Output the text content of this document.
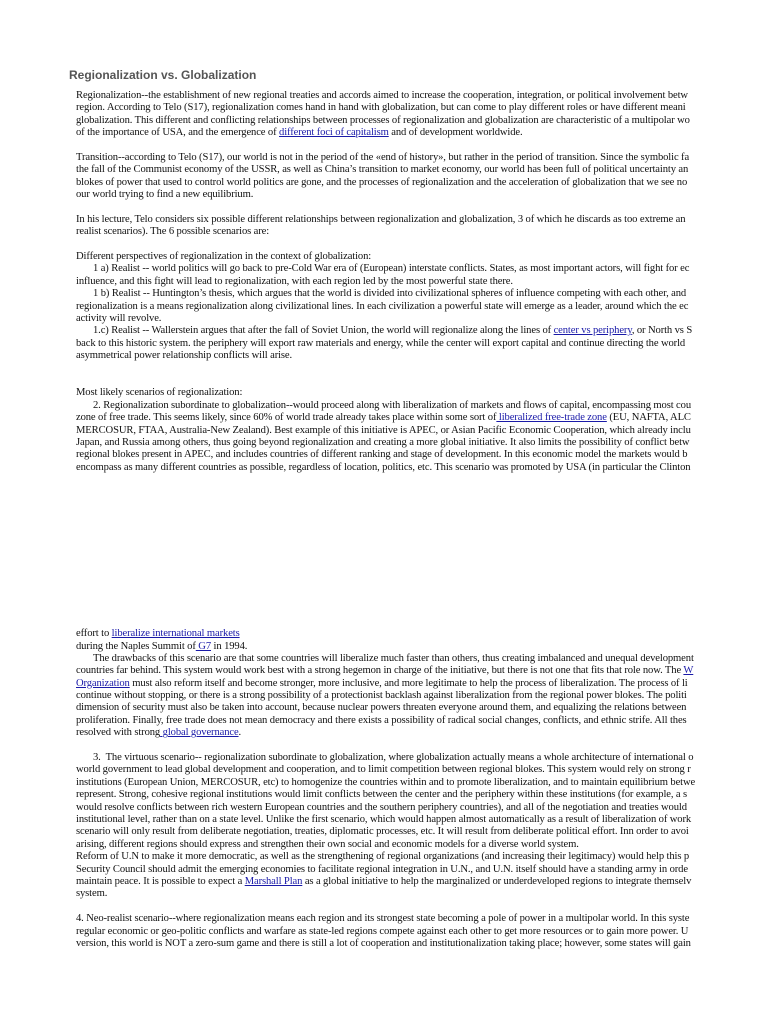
Regionalization vs. Globalization
Regionalization--the establishment of new regional treaties and accords aimed to increase the cooperation, integration, or political involvement betw
region. According to Telo (S17), regionalization comes hand in hand with globalization, but can come to play different roles or have different meani
globalization. This different and conflicting relationships between processes of regionalization and globalization are characteristic of a multipolar wo
of the importance of USA, and the emergence of different foci of capitalism and of development worldwide.
Transition--according to Telo (S17), our world is not in the period of the «end of history», but rather in the period of transition. Since the symbolic fa
the fall of the Communist economy of the USSR, as well as China’s transition to market economy, our world has been full of political uncertainty an
blokes of power that used to control world politics are gone, and the processes of regionalization and the acceleration of globalization that we see no
our world trying to find a new equilibrium.
In his lecture, Telo considers six possible different relationships between regionalization and globalization, 3 of which he discards as too extreme an
realist scenarios). The 6 possible scenarios are:
Different perspectives of regionalization in the context of globalization:
1 a) Realist -- world politics will go back to pre-Cold War era of (European) interstate conflicts. States, as most important actors, will fight for ec
influence, and this fight will lead to regionalization, with each region led by the most powerful state there.
1 b) Realist -- Huntington’s thesis, which argues that the world is divided into civilizational spheres of influence competing with each other, and
regionalization is a means regionalization along civilizational lines. In each civilization a powerful state will emerge as a leader, around which the ec
activity will revolve.
1.c) Realist -- Wallerstein argues that after the fall of Soviet Union, the world will regionalize along the lines of center vs periphery, or North vs S
back to this historic system. the periphery will export raw materials and energy, while the center will export capital and continue directing the world
asymmetrical power relationship conflicts will arise.
Most likely scenarios of regionalization:
2. Regionalization subordinate to globalization--would proceed along with liberalization of markets and flows of capital, encompassing most cou
zone of free trade. This seems likely, since 60% of world trade already takes place within some sort of liberalized free-trade zone (EU, NAFTA, ALC
MERCOSUR, FTAA, Australia-New Zealand). Best example of this initiative is APEC, or Asian Pacific Economic Cooperation, which already inclu
Japan, and Russia among others, thus going beyond regionalization and creating a more global initiative. It also limits the possibility of conflict betw
regional blokes present in APEC, and includes countries of different ranking and stage of development. In this economic model the markets would b
encompass as many different countries as possible, regardless of location, politics, etc. This scenario was promoted by USA (in particular the Clinton
effort to liberalize international markets
during the Naples Summit of G7 in 1994.
The drawbacks of this scenario are that some countries will liberalize much faster than others, thus creating imbalanced and unequal development
countries far behind. This system would work best with a strong hegemon in charge of the initiative, but there is not one that fits that role now. The W
Organization must also reform itself and become stronger, more inclusive, and more legitimate to help the process of liberalization. The process of li
continue without stopping, or there is a strong possibility of a protectionist backlash against liberalization from the regional power blokes. The politi
dimension of security must also be taken into account, because nuclear powers threaten everyone around them, and equalizing the relations between
proliferation. Finally, free trade does not mean democracy and there exists a possibility of radical social changes, conflicts, and ethnic strife. All thes
resolved with strong global governance.
3.  The virtuous scenario-- regionalization subordinate to globalization, where globalization actually means a whole architecture of international o
world government to lead global development and cooperation, and to limit competition between regional blokes. This system would rely on strong r
institutions (European Union, MERCOSUR, etc) to homogenize the countries within and to promote liberalization, and to maintain equilibrium betwe
represent. Strong, cohesive regional institutions would limit conflicts between the center and the periphery within these institutions (for example, a s
would resolve conflicts between rich western European countries and the southern periphery countries), and all of the negotiation and treaties would
institutional level, rather than on a state level. Unlike the first scenario, which would happen almost automatically as a result of liberalization of work
scenario will only result from deliberate negotiation, treaties, diplomatic processes, etc. It will result from deliberate political effort. Inn order to avoi
arising, different regions should express and strengthen their own social and economic models for a diverse world system.
Reform of U.N to make it more democratic, as well as the strengthening of regional organizations (and increasing their legitimacy) would help this p
Security Council should admit the emerging economies to facilitate regional integration in U.N., and U.N. itself should have a standing army in orde
maintain peace. It is possible to expect a Marshall Plan as a global initiative to help the marginalized or underdeveloped regions to integrate themselv
system.
4. Neo-realist scenario--where regionalization means each region and its strongest state becoming a pole of power in a multipolar world. In this syste
regular economic or geo-politic conflicts and warfare as state-led regions compete against each other to get more resources or to gain more power. U
version, this world is NOT a zero-sum game and there is still a lot of cooperation and institutionalization taking place; however, some states will gain
